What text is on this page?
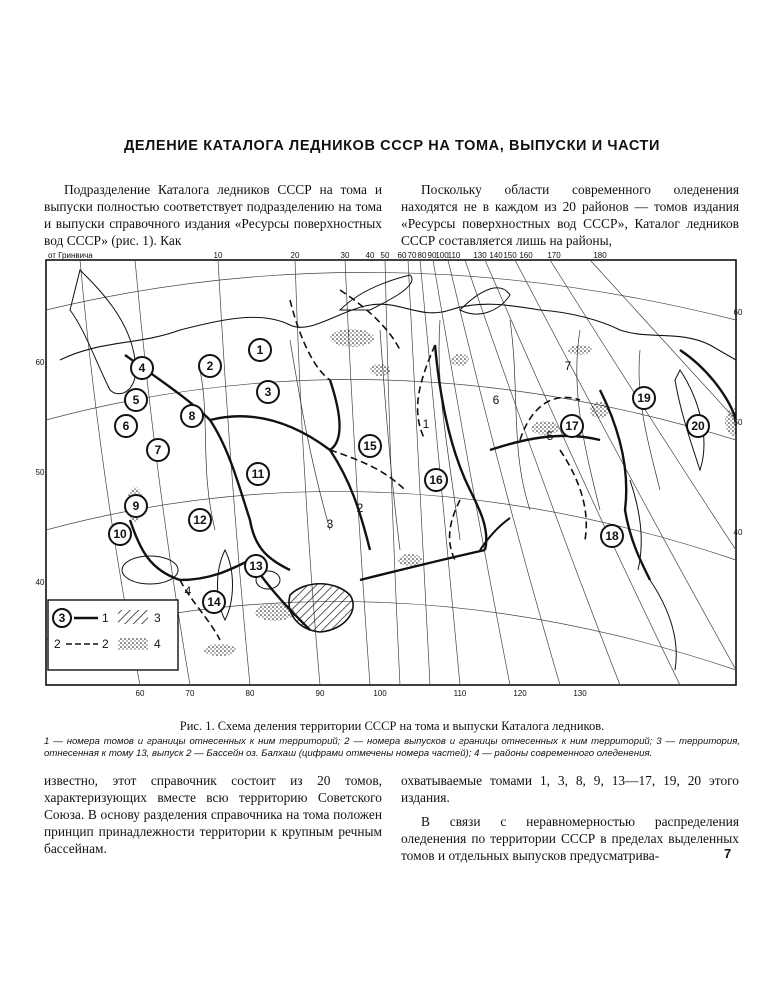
ДЕЛЕНИЕ КАТАЛОГА ЛЕДНИКОВ СССР НА ТОМА, ВЫПУСКИ И ЧАСТИ

Подразделение Каталога ледников СССР на тома и выпуски полностью соответствует подразделению на тома и выпуски справочного издания «Ресурсы поверхностных вод СССР» (рис. 1). Как

Поскольку области современного оледенения находятся не в каждом из 20 районов — томов издания «Ресурсы поверхностных вод СССР», Каталог ледников СССР составляется лишь на районы,

от Гринвича	10	20	30 40 50 60 70 80 90
100
110 130 140 150 160 170	180
60	70	80	90	100	110	120	130
60
50
40
60
50
40
1
2
3
4
5
6
7
8
9
10
11
12
13
14
15
16
17
18
19
20
1
2
3
4
5
6
7
3	1
2	2
3
4
Рис. 1. Схема деления территории СССР на тома и выпуски Каталога ледников.
1 — номера томов и границы отнесенных к ним территорий; 2 — номера выпусков и границы отнесенных к ним территорий; 3 — территория, отнесенная к тому 13, выпуск 2 — Бассейн оз. Балхаш (цифрами отмечены номера частей); 4 — районы современного оледенения.

известно, этот справочник состоит из 20 томов, характеризующих вместе всю территорию Советского Союза. В основу разделения справочника на тома положен принцип принадлежности территории к крупным речным бассейнам.

охватываемые томами 1, 3, 8, 9, 13—17, 19, 20 этого издания.

В связи с неравномерностью распределения оледенения по территории СССР в пределах выделенных томов и отдельных выпусков предусматрива-	7
